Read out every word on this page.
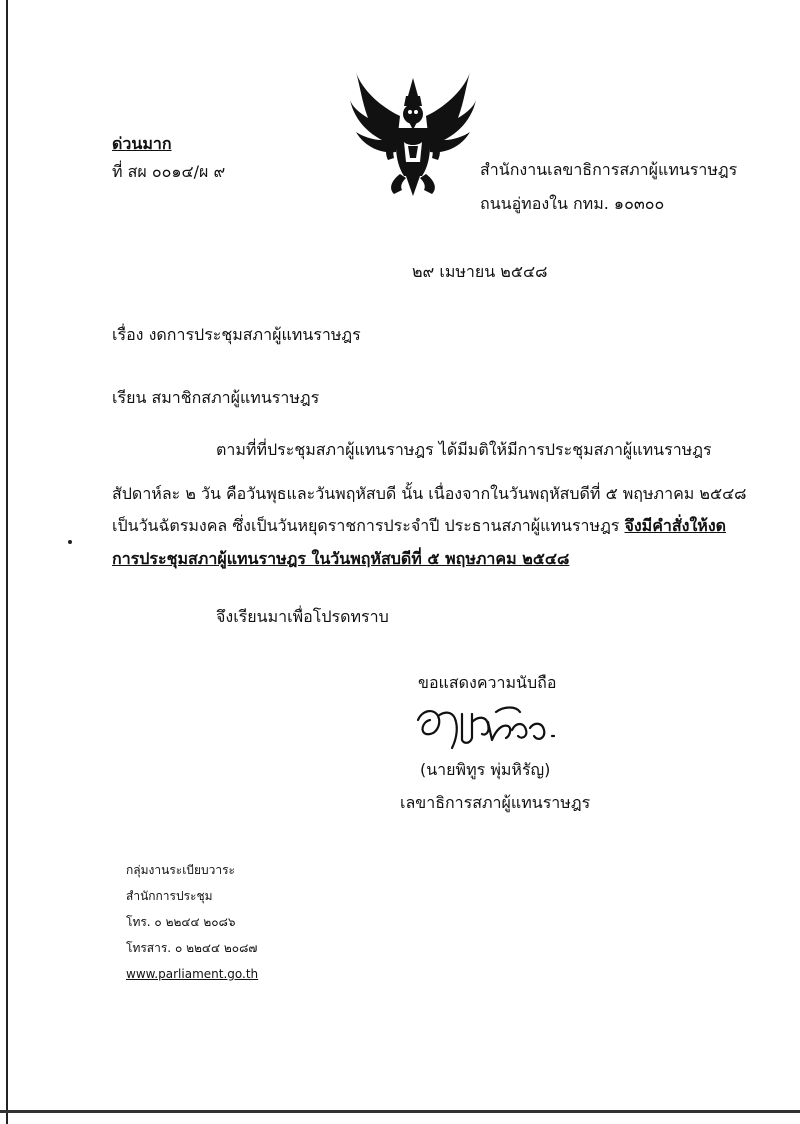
ด่วนมาก
ที่ สผ ๐๐๑๔/ผ ๙	สำนักงานเลขาธิการสภาผู้แทนราษฎร
ถนนอู่ทองใน กทม. ๑๐๓๐๐
๒๙ เมษายน ๒๕๔๘
เรื่อง งดการประชุมสภาผู้แทนราษฎร
เรียน สมาชิกสภาผู้แทนราษฎร
ตามที่ที่ประชุมสภาผู้แทนราษฎร ได้มีมติให้มีการประชุมสภาผู้แทนราษฎร
สัปดาห์ละ ๒ วัน คือวันพุธและวันพฤหัสบดี นั้น เนื่องจากในวันพฤหัสบดีที่ ๕ พฤษภาคม ๒๕๔๘
เป็นวันฉัตรมงคล ซึ่งเป็นวันหยุดราชการประจำปี ประธานสภาผู้แทนราษฎร จึงมีคำสั่งให้งด
การประชุมสภาผู้แทนราษฎร ในวันพฤหัสบดีที่ ๕ พฤษภาคม ๒๕๔๘
จึงเรียนมาเพื่อโปรดทราบ
ขอแสดงความนับถือ
(นายพิทูร พุ่มหิรัญ)
เลขาธิการสภาผู้แทนราษฎร
กลุ่มงานระเบียบวาระ
สำนักการประชุม
โทร. ๐ ๒๒๔๔ ๒๐๘๖
โทรสาร. ๐ ๒๒๔๔ ๒๐๘๗
www.parliament.go.th
